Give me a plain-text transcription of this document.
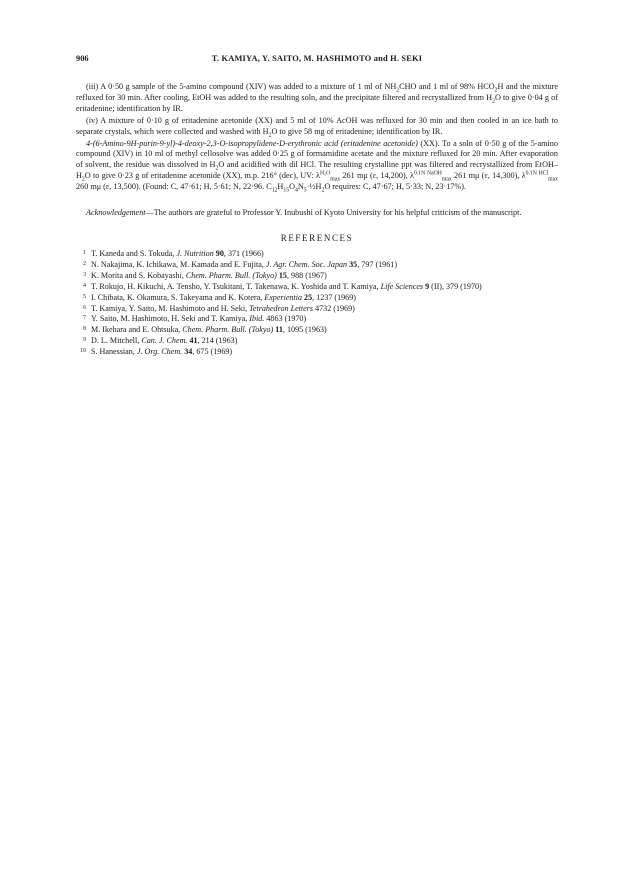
906	T. KAMIYA, Y. SAITO, M. HASHIMOTO and H. SEKI

(iii) A 0·50 g sample of the 5-amino compound (XIV) was added to a mixture of 1 ml of $NH_2CHO$ and 1 ml of 98% $HCO_2H$ and the mixture refluxed for 30 min. After cooling, EtOH was added to the resulting soln, and the precipitate filtered and recrystallized from $H_2O$ to give 0·04 g of eritadenine; identification by IR.

(iv) A mixture of 0·10 g of eritadenine acetonide (XX) and 5 ml of 10% AcOH was refluxed for 30 min and then cooled in an ice bath to separate crystals, which were collected and washed with $H_2O$ to give 58 mg of eritadenine; identification by IR.

4-(6-Amino-9H-purin-9-yl)-4-deoxy-2,3-O-isopropylidene-D-erythronic acid (eritadenine acetonide) (XX). To a soln of 0·50 g of the 5-amino compound (XIV) in 10 ml of methyl cellosolve was added 0·25 g of formamidine acetate and the mixture refluxed for 20 min. After evaporation of solvent, the residue was dissolved in $H_2O$ and acidified with dil HCl. The resulting crystalline ppt was filtered and recrystallized from EtOH–$H_2O$ to give 0·23 g of eritadenine acetonide (XX), m.p. 216° (dec), UV: $\lambda^{H_2O}_{max}$ 261 mμ (ε, 14,200), $\lambda^{0.1N NaOH}_{max}$ 261 mμ (ε, 14,300), $\lambda^{0.1N HCl}_{max}$ 260 mμ (ε, 13,500). (Found: C, 47·61; H, 5·61; N, 22·96. $C_{12}H_{15}O_4N_5\cdot\frac{1}{2}H_2O$ requires: C, 47·67; H, 5·33; N, 23·17%).

Acknowledgement—The authors are grateful to Professor Y. Inubushi of Kyoto University for his helpful criticism of the manuscript.

REFERENCES
1 T. Kaneda and S. Tokuda, J. Nutrition 90, 371 (1966)
2 N. Nakajima, K. Ichikawa, M. Kamada and E. Fujita, J. Agr. Chem. Soc. Japan 35, 797 (1961)
3 K. Morita and S. Kobayashi, Chem. Pharm. Bull. (Tokyo) 15, 988 (1967)
4 T. Rokujo, H. Kikuchi, A. Tensho, Y. Tsukitani, T. Takenawa, K. Yoshida and T. Kamiya, Life Sciences 9 (II), 379 (1970)
5 I. Chibata, K. Okamura, S. Takeyama and K. Kotera, Experientia 25, 1237 (1969)
6 T. Kamiya, Y. Saito, M. Hashimoto and H. Seki, Tetrahedron Letters 4732 (1969)
7 Y. Saito, M. Hashimoto, H. Seki and T. Kamiya, Ibid. 4863 (1970)
8 M. Ikehara and E. Ohtsuka, Chem. Pharm. Bull. (Tokyo) 11, 1095 (1963)
9 D. L. Mitchell, Can. J. Chem. 41, 214 (1963)
10 S. Hanessian, J. Org. Chem. 34, 675 (1969)
